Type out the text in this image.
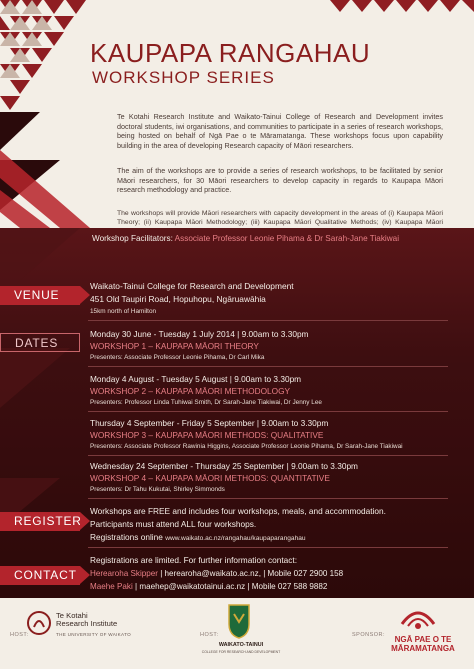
KAUPAPA RANGAHAU
WORKSHOP SERIES

Te Kotahi Research Institute and Waikato-Tainui College of Research and Development invites doctoral students, iwi organisations, and communities to participate in a series of research workshops, being hosted on behalf of Ngā Pae o te Māramatanga. These workshops focus upon capability building in the area of developing Research capacity of Māori researchers.

The aim of the workshops are to provide a series of research workshops, to be facilitated by senior Māori researchers, for 30 Māori researchers to develop capacity in regards to Kaupapa Māori research methodology and practice.

The workshops will provide Māori researchers with capacity development in the areas of (i) Kaupapa Māori Theory; (ii) Kaupapa Māori Methodology; (iii) Kaupapa Māori Qualitative Methods; (iv) Kaupapa Māori

Workshop Facilitators: Associate Professor Leonie Pihama & Dr Sarah-Jane Tiakiwai
VENUE
Waikato-Tainui College for Research and Development
451 Old Taupiri Road, Hopuhopu, Ngāruawāhia
15km north of Hamilton
DATES
Monday 30 June - Tuesday 1 July 2014 | 9.00am to 3.30pm
WORKSHOP 1 – KAUPAPA MĀORI THEORY
Presenters: Associate Professor Leonie Pihama, Dr Carl Mika
Monday 4 August - Tuesday 5 August | 9.00am to 3.30pm
WORKSHOP 2 – KAUPAPA MĀORI METHODOLOGY
Presenters: Professor Linda Tuhiwai Smith, Dr Sarah-Jane Tiakiwai, Dr Jenny Lee
Thursday 4 September - Friday 5 September | 9.00am to 3.30pm
WORKSHOP 3 – KAUPAPA MĀORI METHODS: QUALITATIVE
Presenters: Associate Professor Rawinia Higgins, Associate Professor Leonie Pihama, Dr Sarah-Jane Tiakiwai
Wednesday 24 September - Thursday 25 September | 9.00am to 3.30pm
WORKSHOP 4 – KAUPAPA MĀORI METHODS: QUANTITATIVE
Presenters: Dr Tahu Kukutai, Shirley Simmonds
REGISTER
Workshops are FREE and includes four workshops, meals, and accommodation.
Participants must attend ALL four workshops.
Registrations online www.waikato.ac.nz/rangahau/kaupaparangahau
CONTACT
Registrations are limited. For further information contact:
Herearoha Skipper | herearoha@waikato.ac.nz, | Mobile 027 2900 158
Maehe Paki | maehep@waikatotainui.ac.nz | Mobile 027 588 9882
HOST:
Te Kotahi
Research Institute
THE UNIVERSITY OF WAIKATO	HOST:
WAIKATO-TAINUI
COLLEGE FOR RESEARCH AND DEVELOPMENT
SPONSOR:	NGĀ PAE O TE
MĀRAMATANGA
